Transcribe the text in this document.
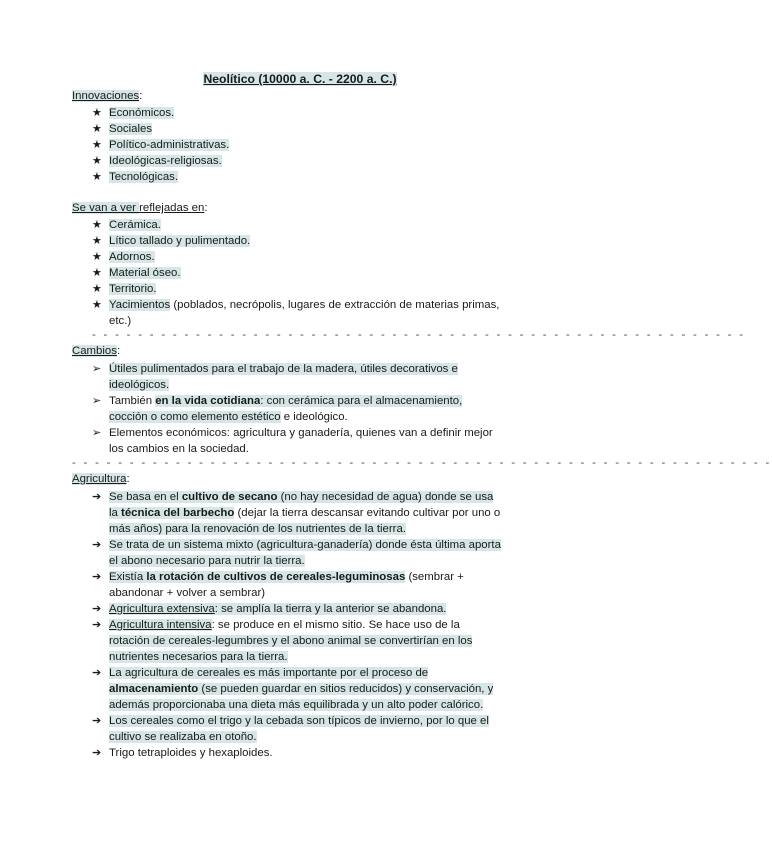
Neolítico (10000 a. C. - 2200 a. C.)
Innovaciones:
★ Económicos.
★ Sociales
★ Político-administrativas.
★ Ideológicas-religiosas.
★ Tecnológicas.
Se van a ver reflejadas en:
★ Cerámica.
★ Lítico tallado y pulimentado.
★ Adornos.
★ Material óseo.
★ Territorio.
★ Yacimientos (poblados, necrópolis, lugares de extracción de materias primas,
etc.)
- - - - - - - - - - - - - - - - - - - - - - - - - - - - - - - - - - - - - - - - - - - - - - - - - - - - - - - - -
Cambios:
➢ Útiles pulimentados para el trabajo de la madera, útiles decorativos e
ideológicos.
➢ También en la vida cotidiana: con cerámica para el almacenamiento,
cocción o como elemento estético e ideológico.
➢ Elementos económicos: agricultura y ganadería, quienes van a definir mejor
los cambios en la sociedad.
- - - - - - - - - - - - - - - - - - - - - - - - - - - - - - - - - - - - - - - - - - - - - - - - - - - - - - - - - - - - -
Agricultura:
➔ Se basa en el cultivo de secano (no hay necesidad de agua) donde se usa
la técnica del barbecho (dejar la tierra descansar evitando cultivar por uno o
más años) para la renovación de los nutrientes de la tierra.
➔ Se trata de un sistema mixto (agricultura-ganadería) donde ésta última aporta
el abono necesario para nutrir la tierra.
➔ Existía la rotación de cultivos de cereales-leguminosas (sembrar +
abandonar + volver a sembrar)
➔ Agricultura extensiva: se amplía la tierra y la anterior se abandona.
➔ Agricultura intensiva: se produce en el mismo sitio. Se hace uso de la
rotación de cereales-legumbres y el abono animal se convertirían en los
nutrientes necesarios para la tierra.
➔ La agricultura de cereales es más importante por el proceso de
almacenamiento (se pueden guardar en sitios reducidos) y conservación, y
además proporcionaba una dieta más equilibrada y un alto poder calórico.
➔ Los cereales como el trigo y la cebada son típicos de invierno, por lo que el
cultivo se realizaba en otoño.
➔ Trigo tetraploides y hexaploides.
